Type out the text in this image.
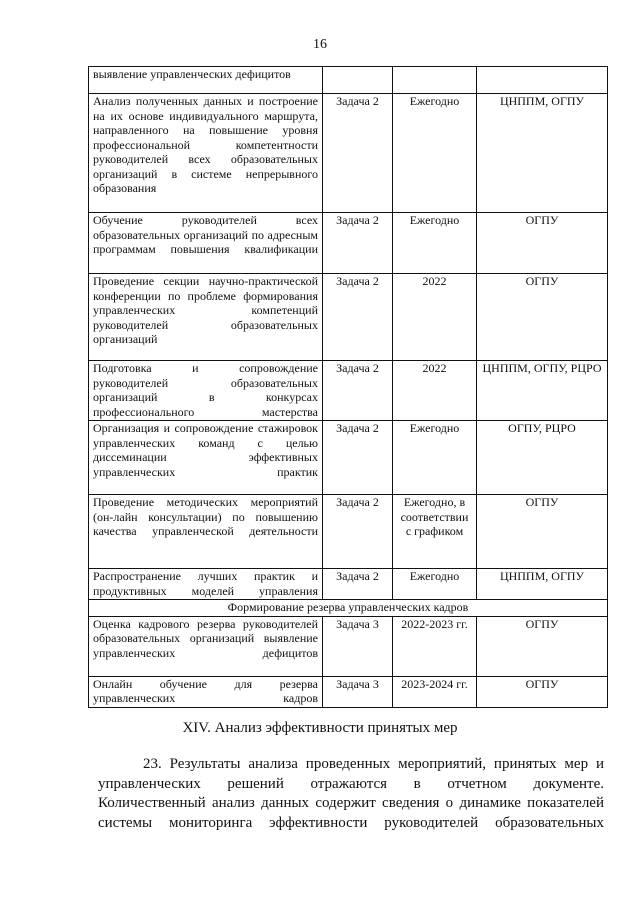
16
выявление управленческих дефицитов			
Анализ полученных данных и построение на их основе индивидуального маршрута, направленного на повышение уровня профессиональной компетентности руководителей всех образовательных организаций в системе непрерывного образования	Задача 2	Ежегодно	ЦНППМ, ОГПУ
Обучение руководителей всех образовательных организаций по адресным программам повышения квалификации	Задача 2	Ежегодно	ОГПУ
Проведение секции научно-практической конференции по проблеме формирования управленческих компетенций руководителей образовательных организаций	Задача 2	2022	ОГПУ
Подготовка и сопровождение руководителей образовательных организаций в конкурсах профессионального мастерства	Задача 2	2022	ЦНППМ, ОГПУ, РЦРО
Организация и сопровождение стажировок управленческих команд с целью диссеминации эффективных управленческих практик	Задача 2	Ежегодно	ОГПУ, РЦРО
Проведение методических мероприятий (он-лайн консультации) по повышению качества управленческой деятельности	Задача 2	Ежегодно, в соответствии с графиком	ОГПУ
Распространение лучших практик и продуктивных моделей управления	Задача 2	Ежегодно	ЦНППМ, ОГПУ
Формирование резерва управленческих кадров			
Оценка кадрового резерва руководителей образовательных организаций выявление управленческих дефицитов	Задача 3	2022-2023 гг.	ОГПУ
Онлайн обучение для резерва управленческих кадров	Задача 3	2023-2024 гг.	ОГПУ
XIV. Анализ эффективности принятых мер
23. Результаты анализа проведенных мероприятий, принятых мер и
управленческих решений отражаются в отчетном документе.
Количественный анализ данных содержит сведения о динамике показателей
системы мониторинга эффективности руководителей образовательных
